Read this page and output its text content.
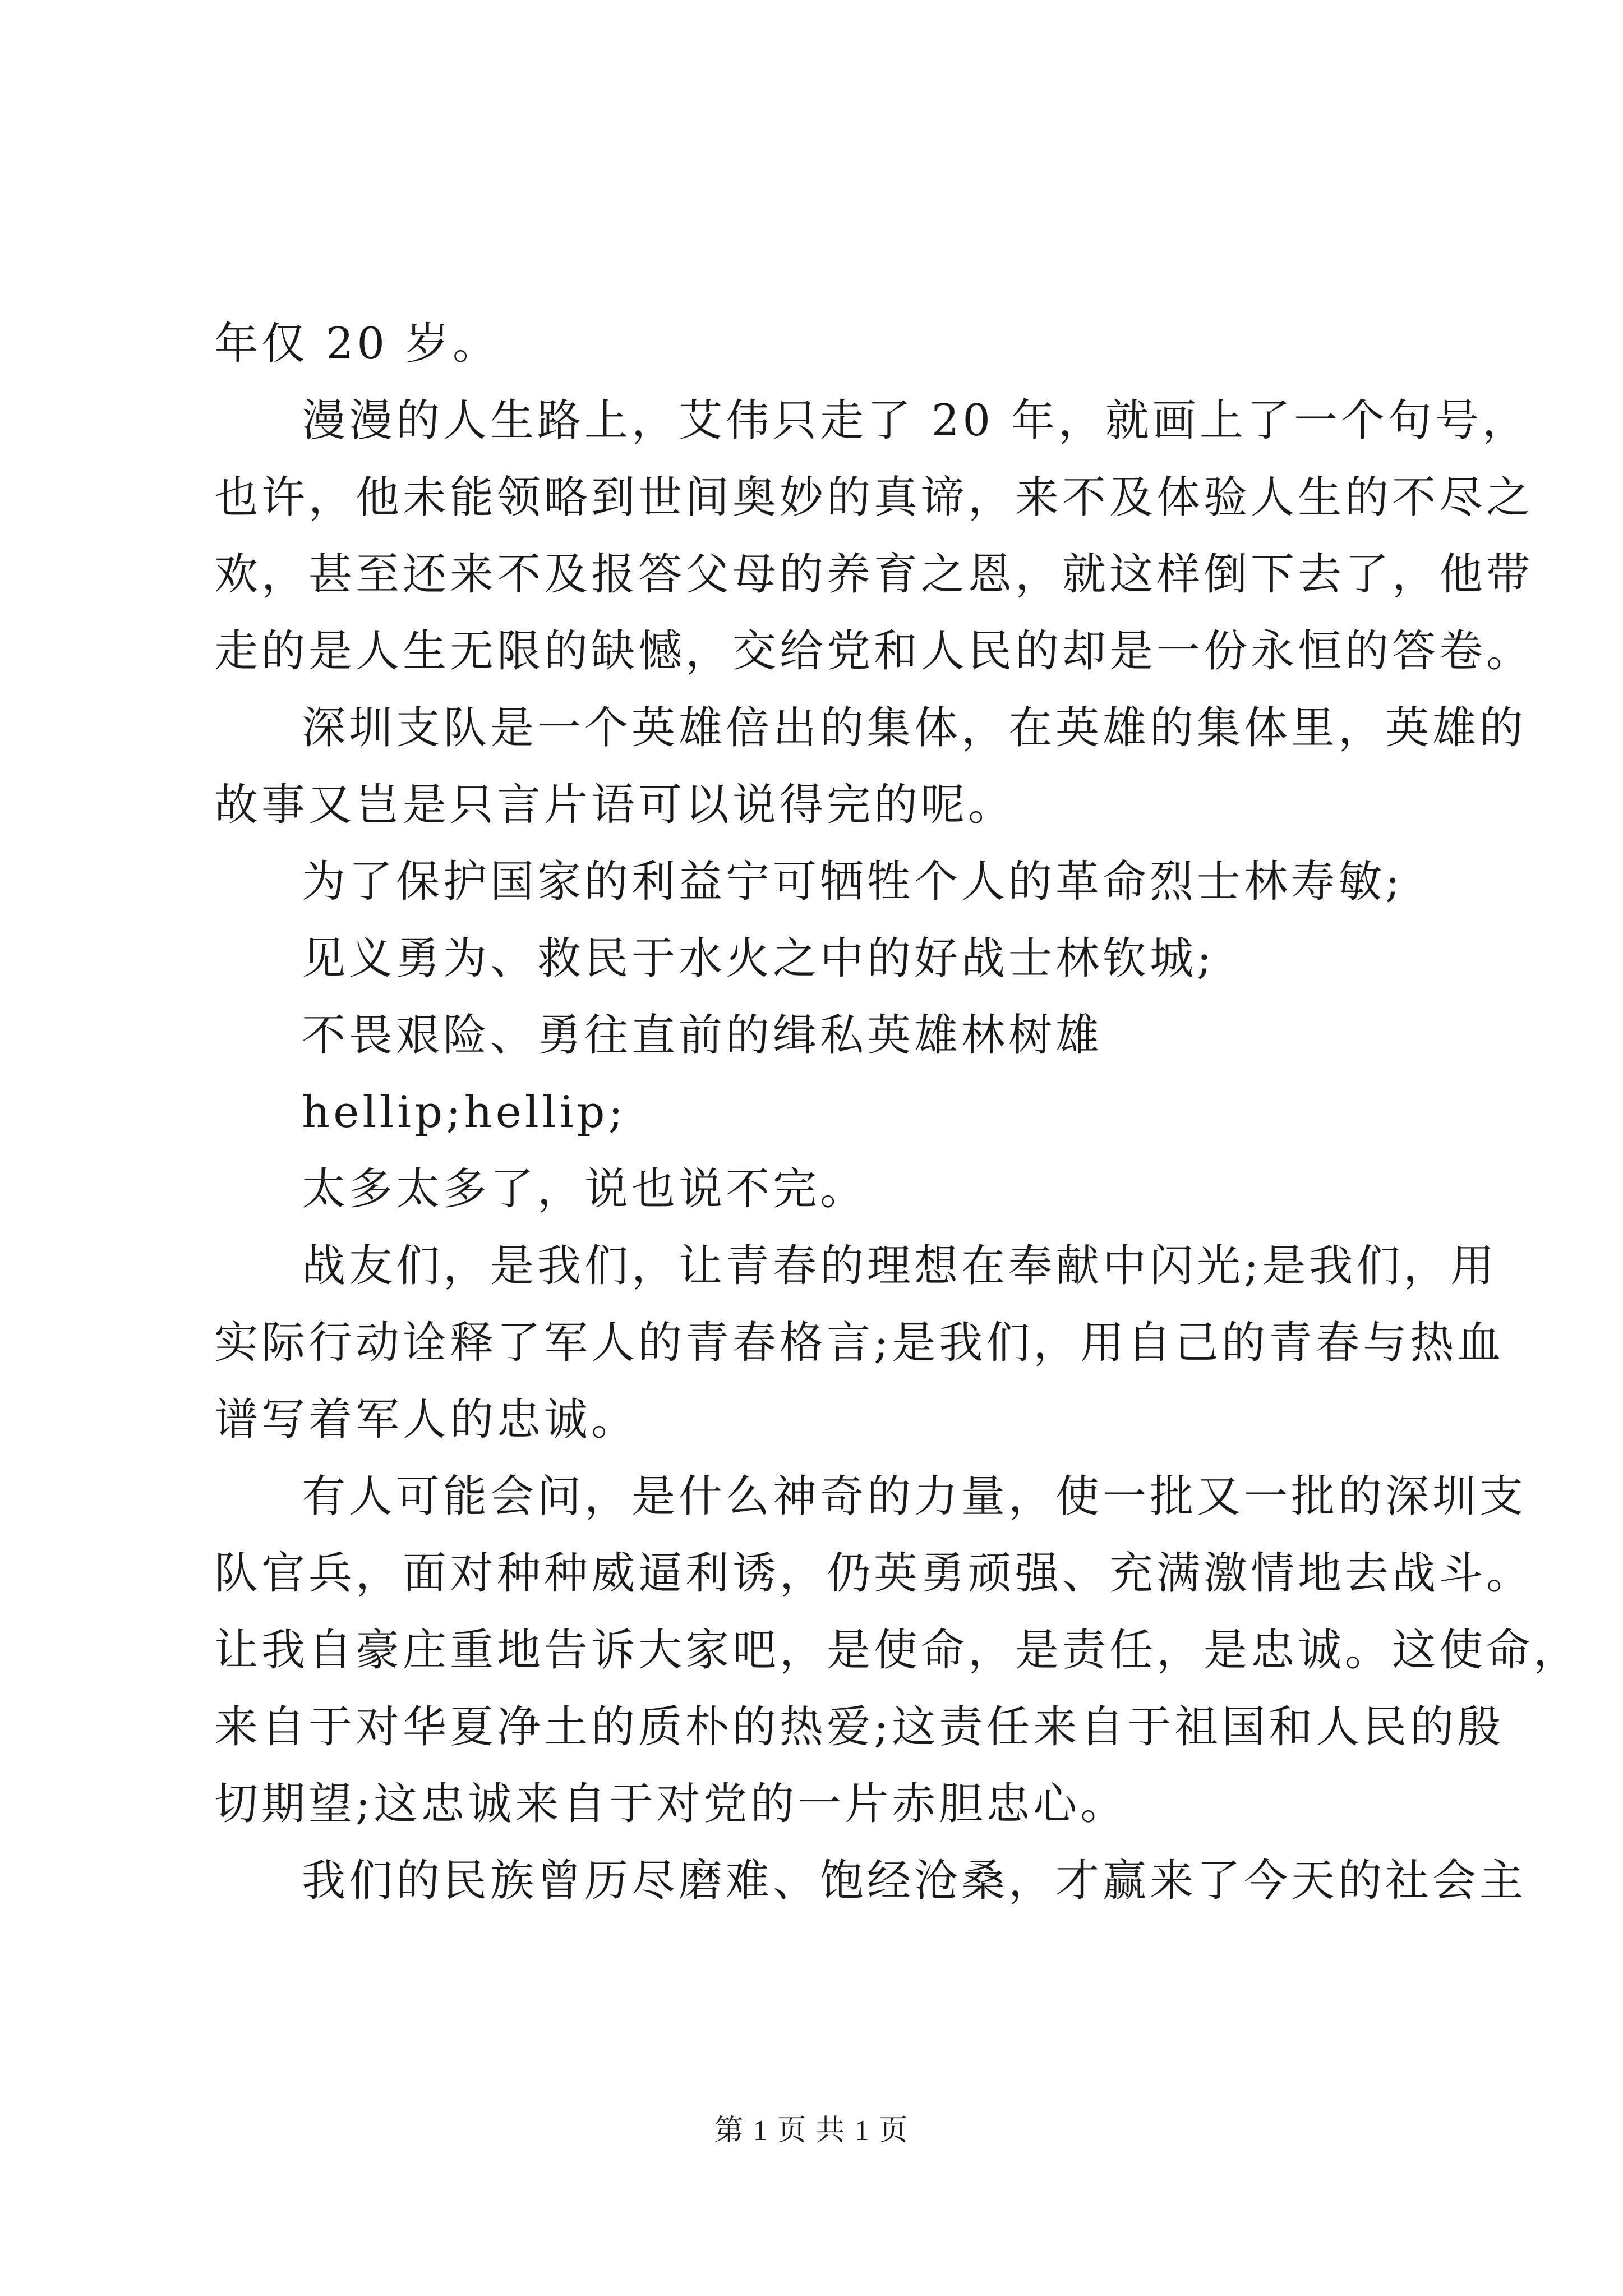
年仅 20 岁。
漫漫的人生路上，艾伟只走了 20 年，就画上了一个句号，
也许，他未能领略到世间奥妙的真谛，来不及体验人生的不尽之
欢，甚至还来不及报答父母的养育之恩，就这样倒下去了，他带
走的是人生无限的缺憾，交给党和人民的却是一份永恒的答卷。
深圳支队是一个英雄倍出的集体，在英雄的集体里，英雄的
故事又岂是只言片语可以说得完的呢。
为了保护国家的利益宁可牺牲个人的革命烈士林寿敏;
见义勇为、救民于水火之中的好战士林钦城;
不畏艰险、勇往直前的缉私英雄林树雄
hellip;hellip;
太多太多了，说也说不完。
战友们，是我们，让青春的理想在奉献中闪光;是我们，用
实际行动诠释了军人的青春格言;是我们，用自己的青春与热血
谱写着军人的忠诚。
有人可能会问，是什么神奇的力量，使一批又一批的深圳支
队官兵，面对种种威逼利诱，仍英勇顽强、充满激情地去战斗。
让我自豪庄重地告诉大家吧，是使命，是责任，是忠诚。这使命，
来自于对华夏净土的质朴的热爱;这责任来自于祖国和人民的殷
切期望;这忠诚来自于对党的一片赤胆忠心。
我们的民族曾历尽磨难、饱经沧桑，才赢来了今天的社会主
第 1 页 共 1 页
